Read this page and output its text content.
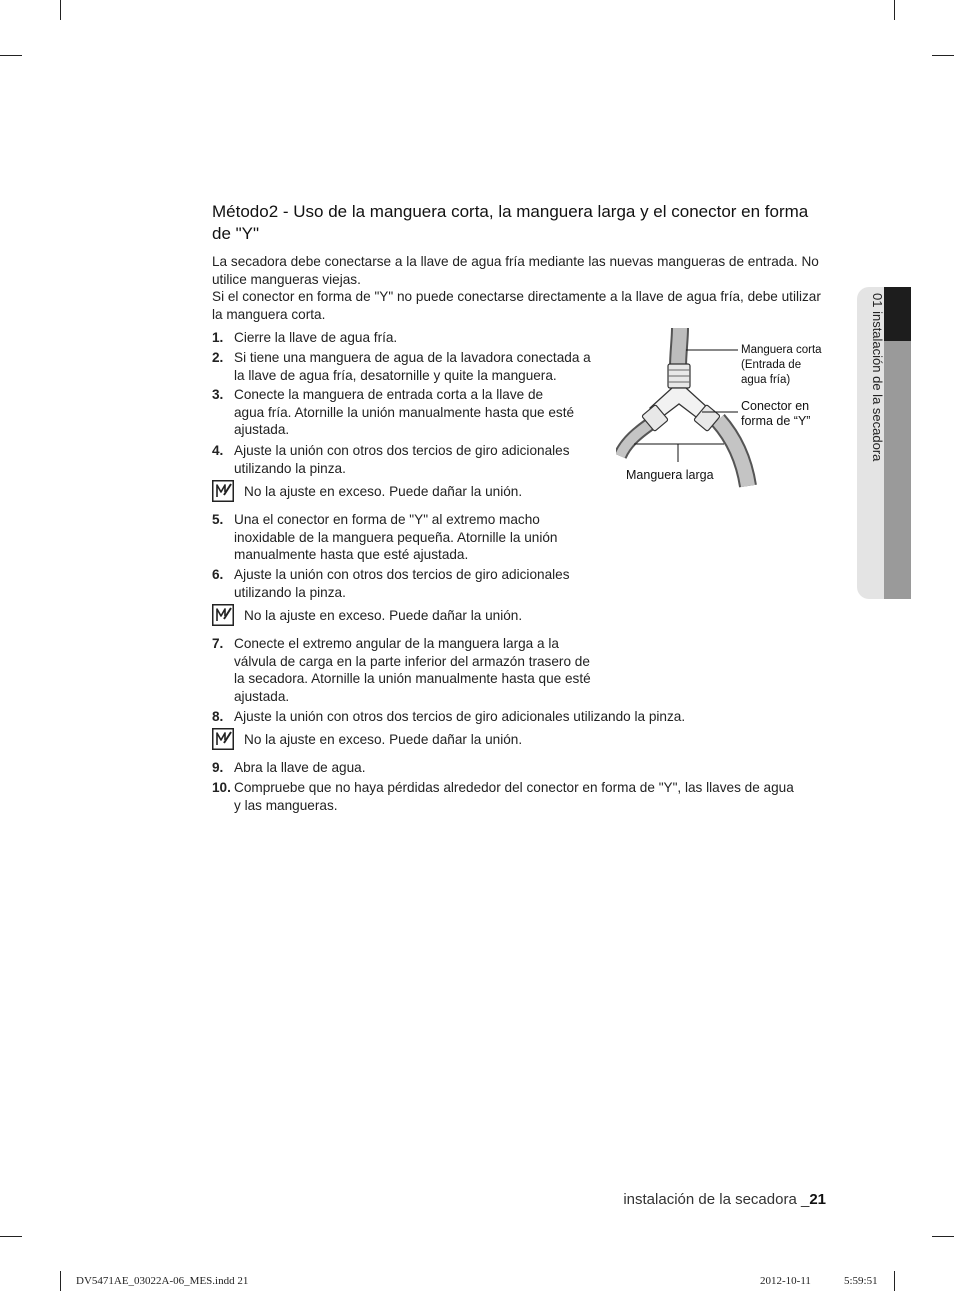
Método2 - Uso de la manguera corta, la manguera larga y el conector en forma de "Y"

La secadora debe conectarse a la llave de agua fría mediante las nuevas mangueras de entrada. No utilice mangueras viejas.

Si el conector en forma de "Y" no puede conectarse directamente a la llave de agua fría, debe utilizar la manguera corta.

1. Cierre la llave de agua fría.
2. Si tiene una manguera de agua de la lavadora conectada a
la llave de agua fría, desatornille y quite la manguera.
3. Conecte la manguera de entrada corta a la llave de
agua fría. Atornille la unión manualmente hasta que esté
ajustada.
4. Ajuste la unión con otros dos tercios de giro adicionales
utilizando la pinza.
No la ajuste en exceso. Puede dañar la unión.
5. Una el conector en forma de "Y" al extremo macho
inoxidable de la manguera pequeña. Atornille la unión
manualmente hasta que esté ajustada.
6. Ajuste la unión con otros dos tercios de giro adicionales
utilizando la pinza.
No la ajuste en exceso. Puede dañar la unión.
7. Conecte el extremo angular de la manguera larga a la
válvula de carga en la parte inferior del armazón trasero de
la secadora. Atornille la unión manualmente hasta que esté
ajustada.
8. Ajuste la unión con otros dos tercios de giro adicionales utilizando la pinza.
No la ajuste en exceso. Puede dañar la unión.
9. Abra la llave de agua.
10. Compruebe que no haya pérdidas alrededor del conector en forma de "Y", las llaves de agua
y las mangueras.
Manguera corta
(Entrada de
agua fría)
Conector en
forma de “Y”
Manguera larga
01 instalación de la secadora
instalación de la secadora _21
DV5471AE_03022A-06_MES.indd 21	2012-10-11	5:59:51
